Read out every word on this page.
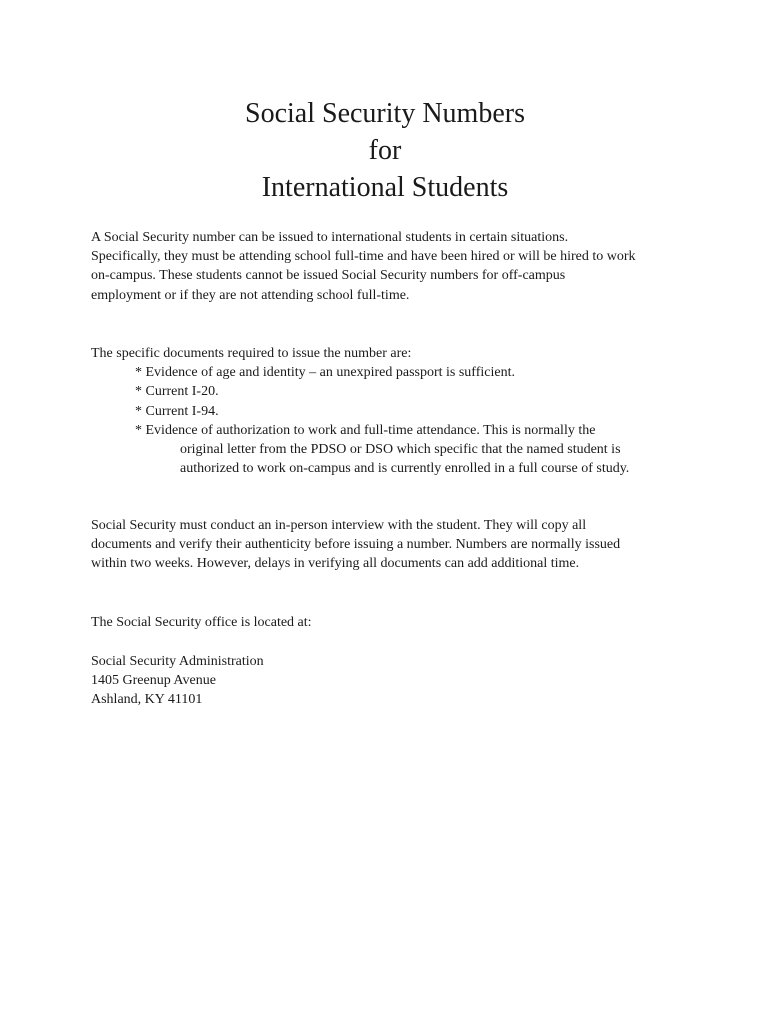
Social Security Numbers

for

International Students

A Social Security number can be issued to international students in certain situations.
Specifically, they must be attending school full-time and have been hired or will be hired to work
on-campus. These students cannot be issued Social Security numbers for off-campus
employment or if they are not attending school full-time.
The specific documents required to issue the number are:
* Evidence of age and identity – an unexpired passport is sufficient.
* Current I-20.
* Current I-94.
* Evidence of authorization to work and full-time attendance. This is normally the
original letter from the PDSO or DSO which specific that the named student is
authorized to work on-campus and is currently enrolled in a full course of study.
Social Security must conduct an in-person interview with the student. They will copy all
documents and verify their authenticity before issuing a number. Numbers are normally issued
within two weeks. However, delays in verifying all documents can add additional time.
The Social Security office is located at:
Social Security Administration
1405 Greenup Avenue
Ashland, KY 41101
